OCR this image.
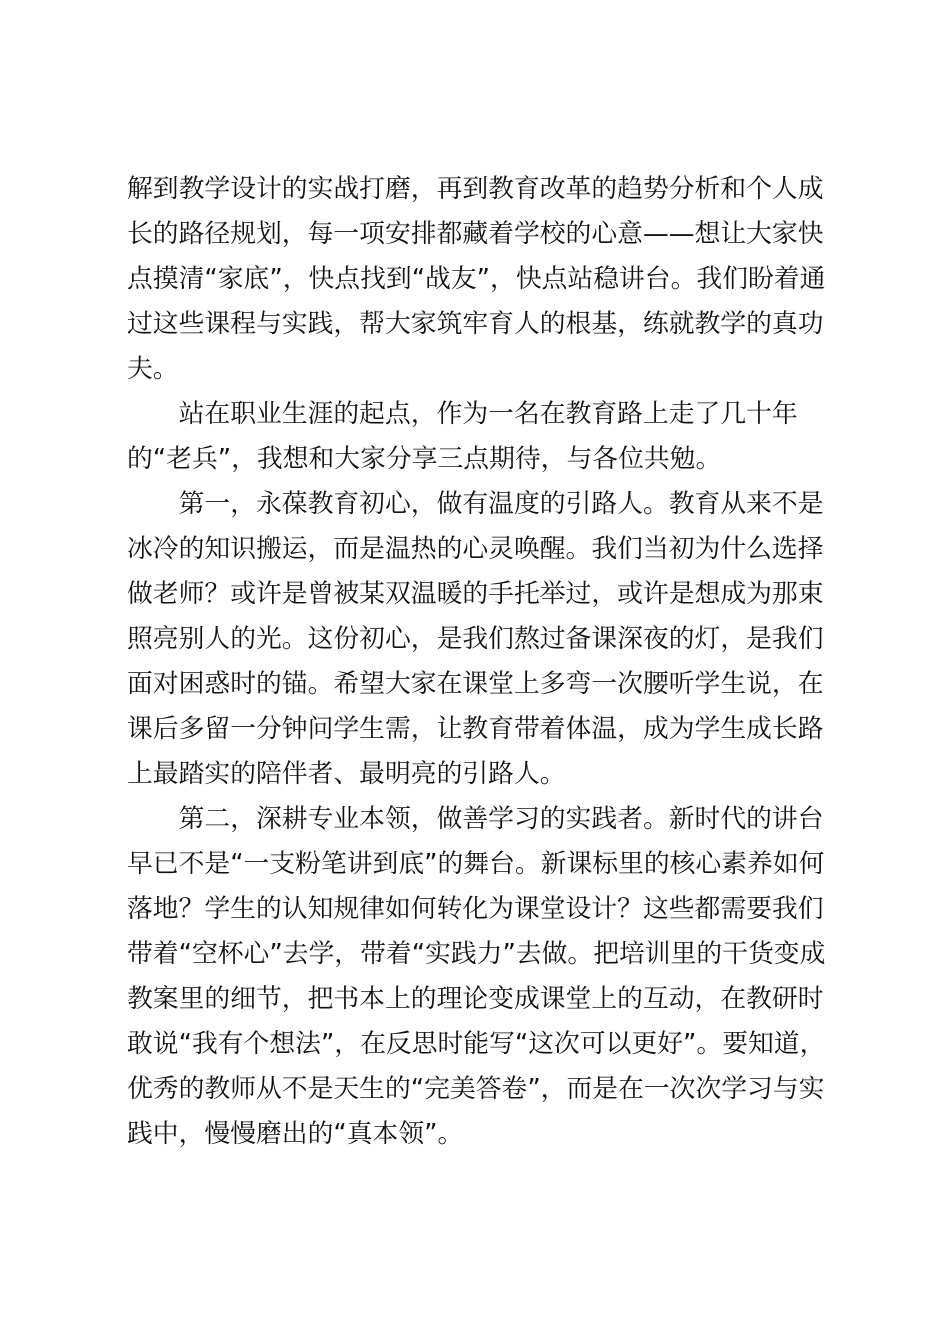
解到教学设计的实战打磨，再到教育改革的趋势分析和个人成长的路径规划，每一项安排都藏着学校的心意——想让大家快点摸清“家底”，快点找到“战友”，快点站稳讲台。我们盼着通过这些课程与实践，帮大家筑牢育人的根基，练就教学的真功夫。

站在职业生涯的起点，作为一名在教育路上走了几十年的“老兵”，我想和大家分享三点期待，与各位共勉。

第一，永葆教育初心，做有温度的引路人。教育从来不是冰冷的知识搬运，而是温热的心灵唤醒。我们当初为什么选择做老师？或许是曾被某双温暖的手托举过，或许是想成为那束照亮别人的光。这份初心，是我们熬过备课深夜的灯，是我们面对困惑时的锚。希望大家在课堂上多弯一次腰听学生说，在课后多留一分钟问学生需，让教育带着体温，成为学生成长路上最踏实的陪伴者、最明亮的引路人。

第二，深耕专业本领，做善学习的实践者。新时代的讲台早已不是“一支粉笔讲到底”的舞台。新课标里的核心素养如何落地？学生的认知规律如何转化为课堂设计？这些都需要我们带着“空杯心”去学，带着“实践力”去做。把培训里的干货变成教案里的细节，把书本上的理论变成课堂上的互动，在教研时敢说“我有个想法”，在反思时能写“这次可以更好”。要知道，优秀的教师从不是天生的“完美答卷”，而是在一次次学习与实践中，慢慢磨出的“真本领”。
